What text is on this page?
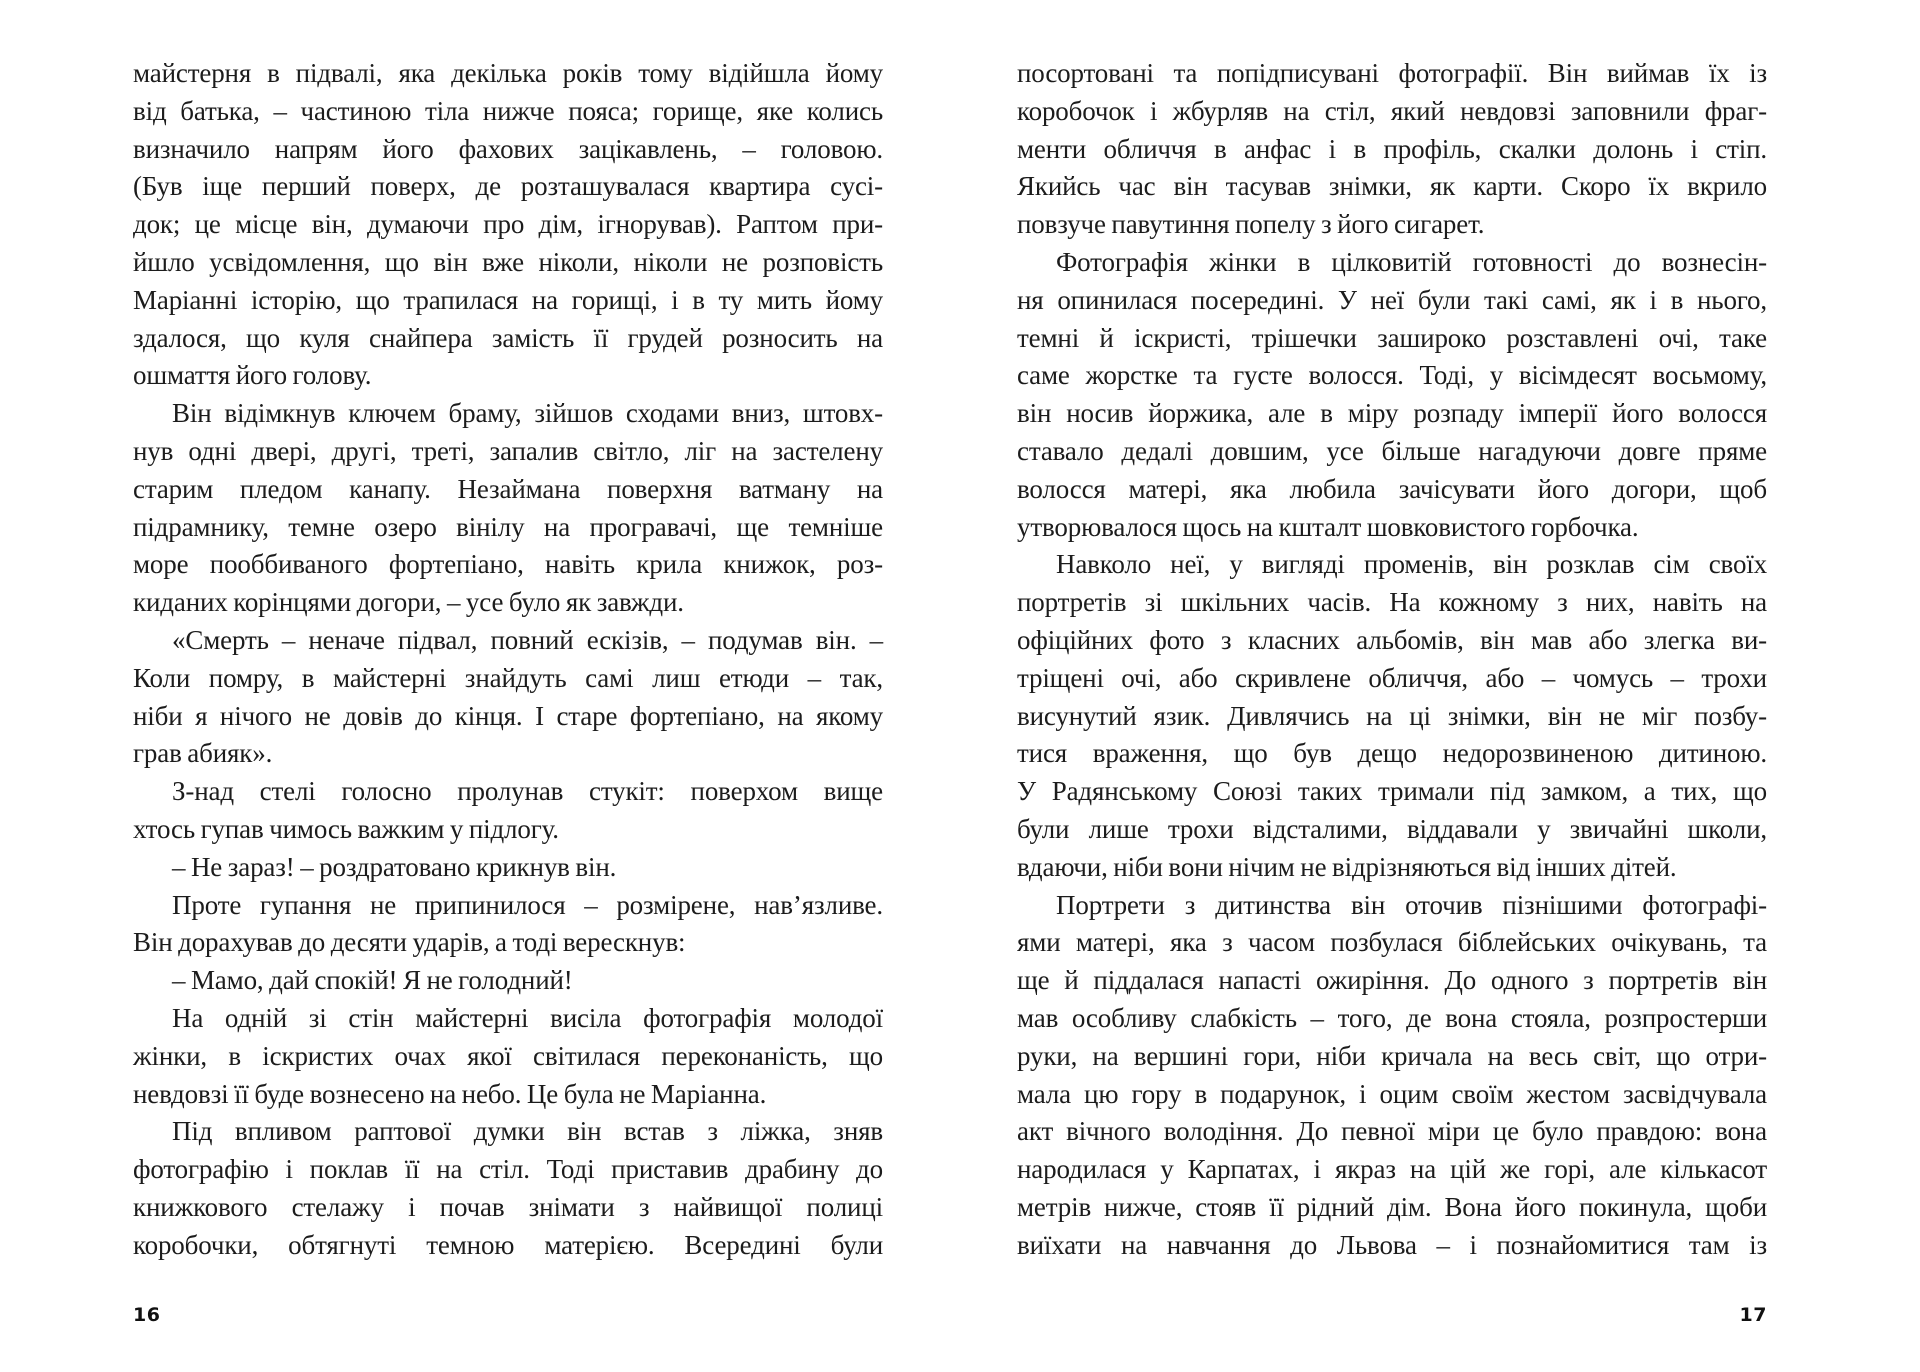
майстерня в підвалі, яка декілька років тому відійшла йому
від батька, – частиною тіла нижче пояса; горище, яке колись
визначило напрям його фахових зацікавлень, – головою.
(Був іще перший поверх, де розташувалася квартира сусі-
док; це місце він, думаючи про дім, ігнорував). Раптом при-
йшло усвідомлення, що він вже ніколи, ніколи не розповість
Маріанні історію, що трапилася на горищі, і в ту мить йому
здалося, що куля снайпера замість її грудей розносить на
ошмаття його голову.
Він відімкнув ключем браму, зійшов сходами вниз, штовх-
нув одні двері, другі, треті, запалив світло, ліг на застелену
старим пледом канапу. Незаймана поверхня ватману на
підрамнику, темне озеро вінілу на програвачі, ще темніше
море пооббиваного фортепіано, навіть крила книжок, роз-
киданих корінцями догори, – усе було як завжди.
«Смерть – неначе підвал, повний ескізів, – подумав він. –
Коли помру, в майстерні знайдуть самі лиш етюди – так,
ніби я нічого не довів до кінця. І старе фортепіано, на якому
грав абияк».
З-над стелі голосно пролунав стукіт: поверхом вище
хтось гупав чимось важким у підлогу.
– Не зараз! – роздратовано крикнув він.
Проте гупання не припинилося – розмірене, нав’язливе.
Він дорахував до десяти ударів, а тоді верескнув:
– Мамо, дай спокій! Я не голодний!
На одній зі стін майстерні висіла фотографія молодої
жінки, в іскристих очах якої світилася переконаність, що
невдовзі її буде вознесено на небо. Це була не Маріанна.
Під впливом раптової думки він встав з ліжка, зняв
фотографію і поклав її на стіл. Тоді приставив драбину до
книжкового стелажу і почав знімати з найвищої полиці
коробочки, обтягнуті темною матерією. Всередині були
16
посортовані та попідписувані фотографії. Він виймав їх із
коробочок і жбурляв на стіл, який невдовзі заповнили фраг-
менти обличчя в анфас і в профіль, скалки долонь і стіп.
Якийсь час він тасував знімки, як карти. Скоро їх вкрило
повзуче павутиння попелу з його сигарет.
Фотографія жінки в цілковитій готовності до вознесін-
ня опинилася посередині. У неї були такі самі, як і в нього,
темні й іскристі, трішечки зашироко розставлені очі, таке
саме жорстке та густе волосся. Тоді, у вісімдесят восьмому,
він носив йоржика, але в міру розпаду імперії його волосся
ставало дедалі довшим, усе більше нагадуючи довге пряме
волосся матері, яка любила зачісувати його догори, щоб
утворювалося щось на кшталт шовковистого горбочка.
Навколо неї, у вигляді променів, він розклав сім своїх
портретів зі шкільних часів. На кожному з них, навіть на
офіційних фото з класних альбомів, він мав або злегка ви-
тріщені очі, або скривлене обличчя, або – чомусь – трохи
висунутий язик. Дивлячись на ці знімки, він не міг позбу-
тися враження, що був дещо недорозвиненою дитиною.
У Радянському Союзі таких тримали під замком, а тих, що
були лише трохи відсталими, віддавали у звичайні школи,
вдаючи, ніби вони нічим не відрізняються від інших дітей.
Портрети з дитинства він оточив пізнішими фотографі-
ями матері, яка з часом позбулася біблейських очікувань, та
ще й піддалася напасті ожиріння. До одного з портретів він
мав особливу слабкість – того, де вона стояла, розпростерши
руки, на вершині гори, ніби кричала на весь світ, що отри-
мала цю гору в подарунок, і оцим своїм жестом засвідчувала
акт вічного володіння. До певної міри це було правдою: вона
народилася у Карпатах, і якраз на цій же горі, але кількасот
метрів нижче, стояв її рідний дім. Вона його покинула, щоби
виїхати на навчання до Львова – і познайомитися там із
17
